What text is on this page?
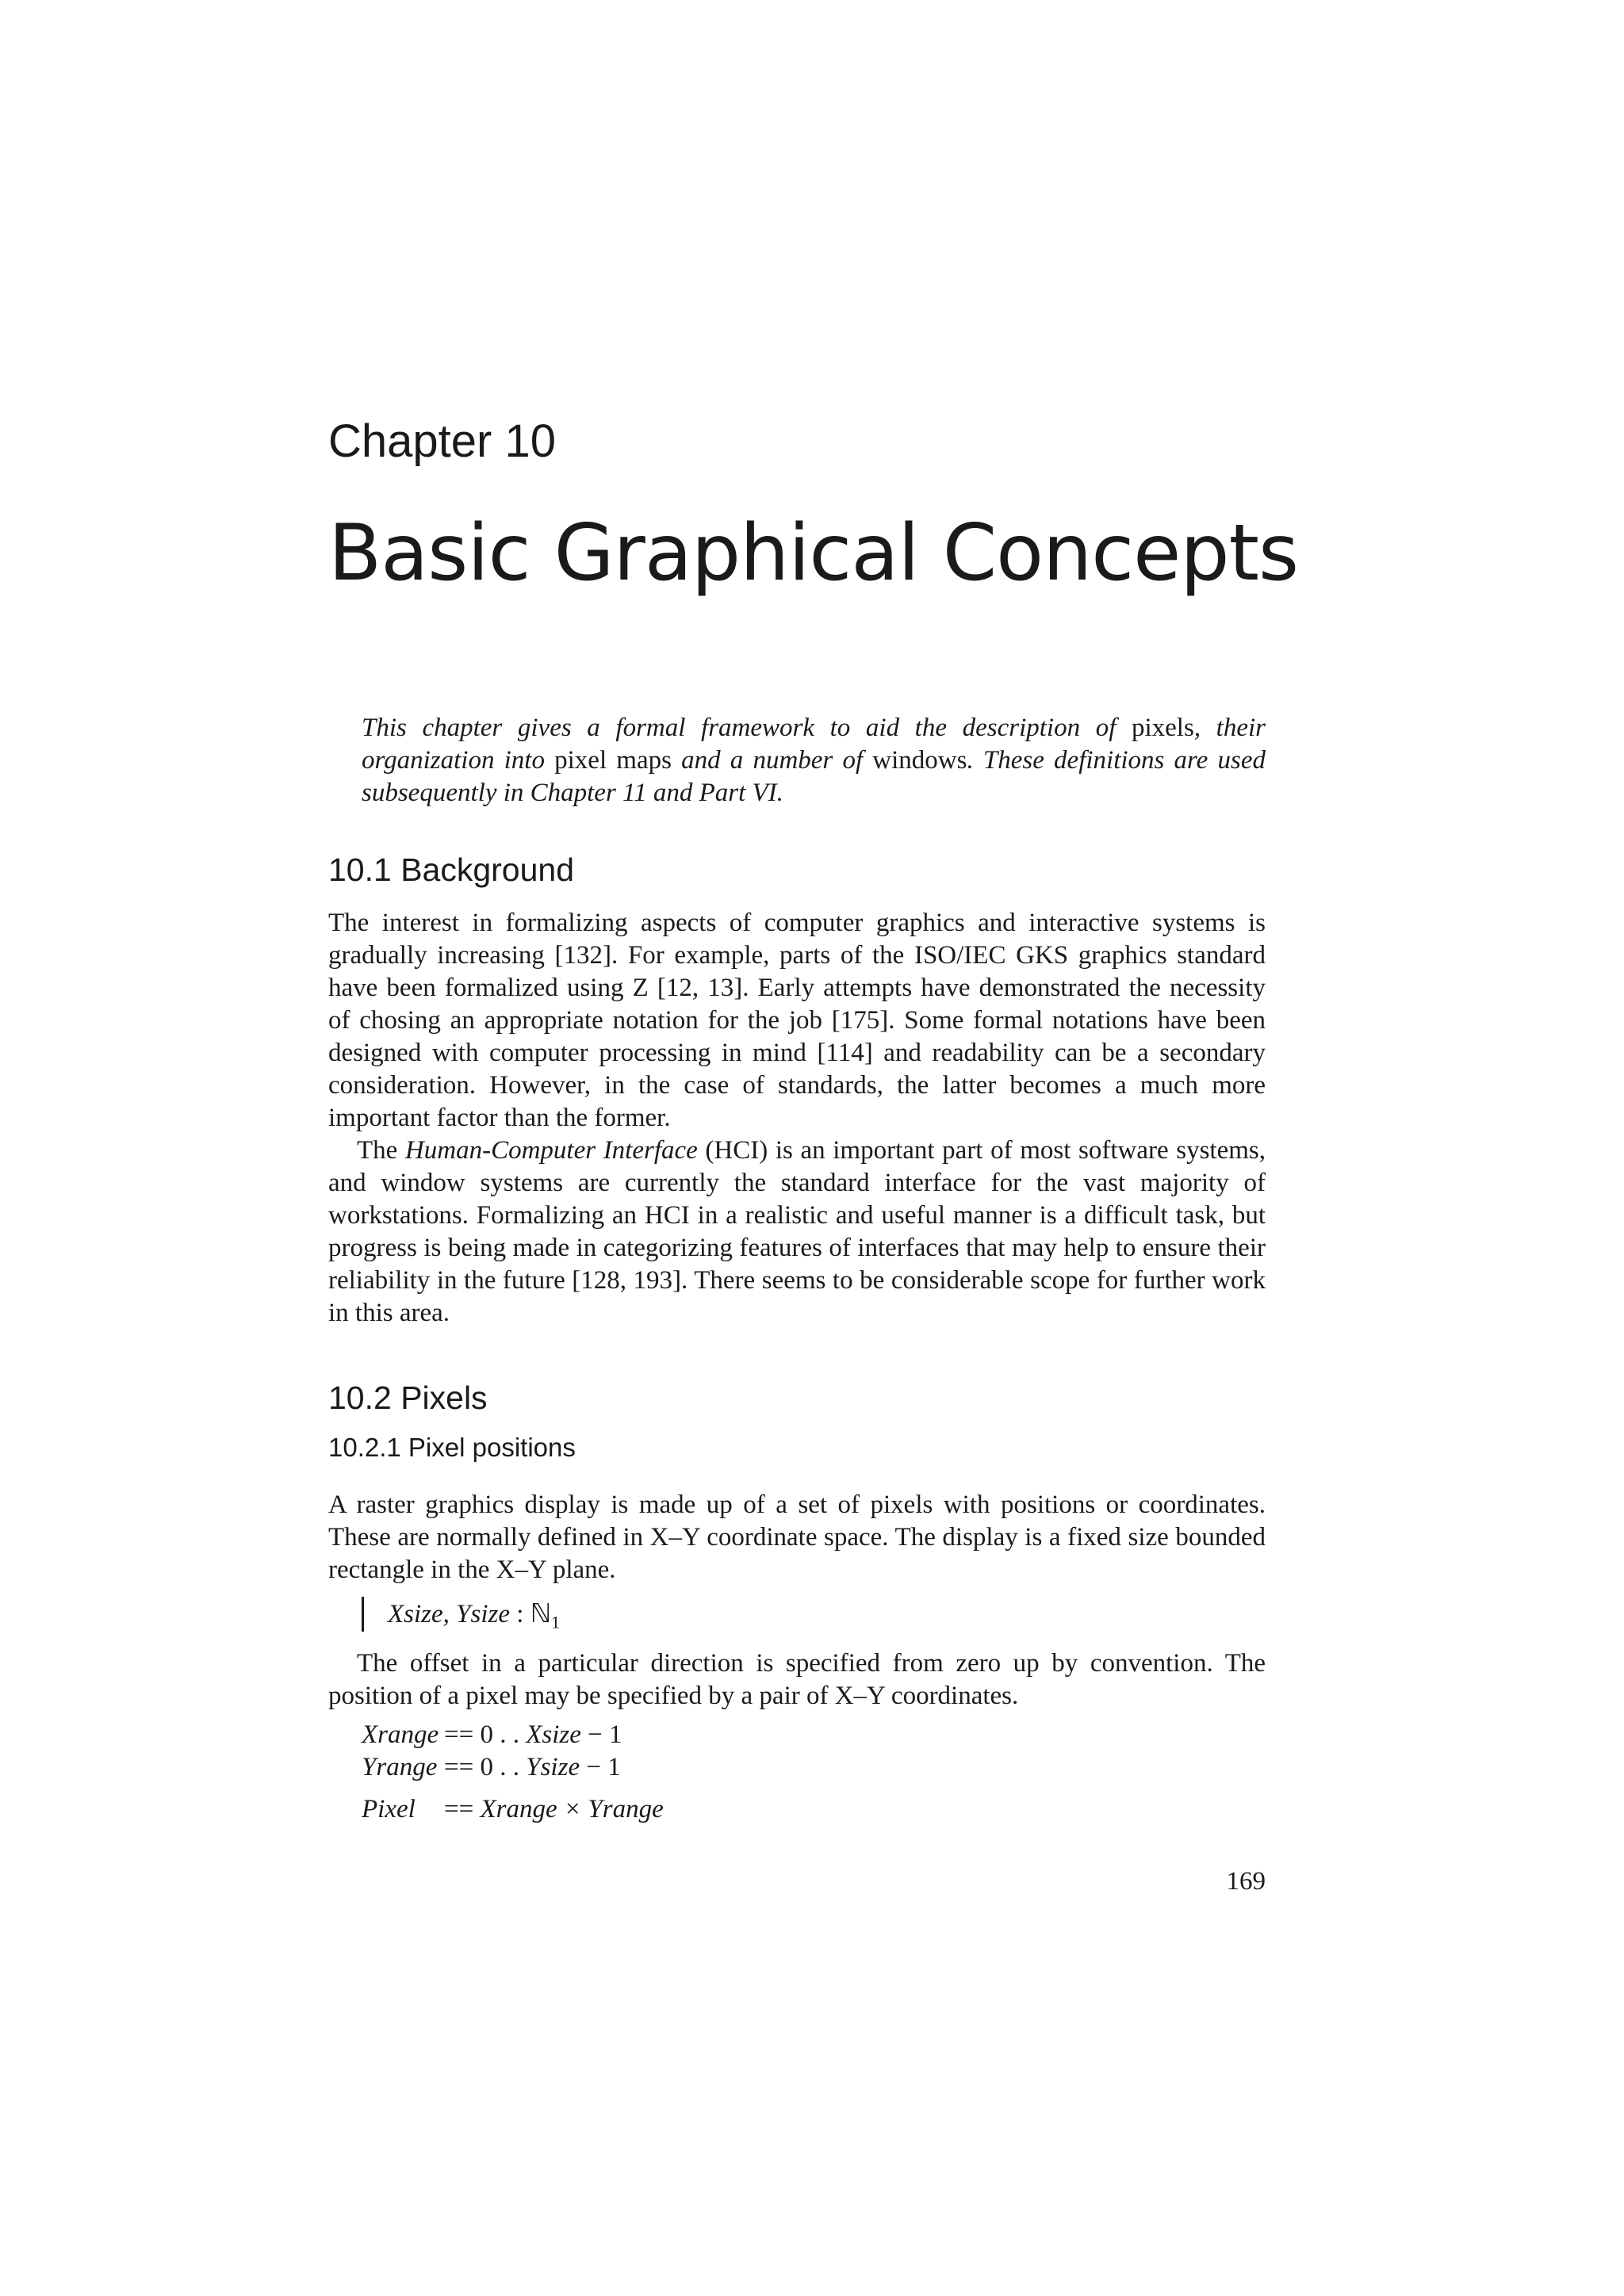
Chapter 10
Basic Graphical Concepts
This chapter gives a formal framework to aid the description of pixels, their organization into pixel maps and a number of windows. These definitions are used subsequently in Chapter 11 and Part VI.
10.1 Background
The interest in formalizing aspects of computer graphics and interactive systems is gradually increasing [132]. For example, parts of the ISO/IEC GKS graphics standard have been formalized using Z [12, 13]. Early attempts have demonstrated the necessity of chosing an appropriate notation for the job [175]. Some formal notations have been designed with computer processing in mind [114] and readability can be a secondary consideration. However, in the case of standards, the latter becomes a much more important factor than the former.
The Human-Computer Interface (HCI) is an important part of most software systems, and window systems are currently the standard interface for the vast majority of workstations. Formalizing an HCI in a realistic and useful manner is a difficult task, but progress is being made in categorizing features of interfaces that may help to ensure their reliability in the future [128, 193]. There seems to be considerable scope for further work in this area.
10.2 Pixels
10.2.1 Pixel positions
A raster graphics display is made up of a set of pixels with positions or coordinates. These are normally defined in X–Y coordinate space. The display is a fixed size bounded rectangle in the X–Y plane.
Xsize, Ysize : ℕ$_1$
The offset in a particular direction is specified from zero up by convention. The position of a pixel may be specified by a pair of X–Y coordinates.
Xrange == 0 . . Xsize − 1
Yrange == 0 . . Ysize − 1
Pixel	== Xrange × Yrange
169
